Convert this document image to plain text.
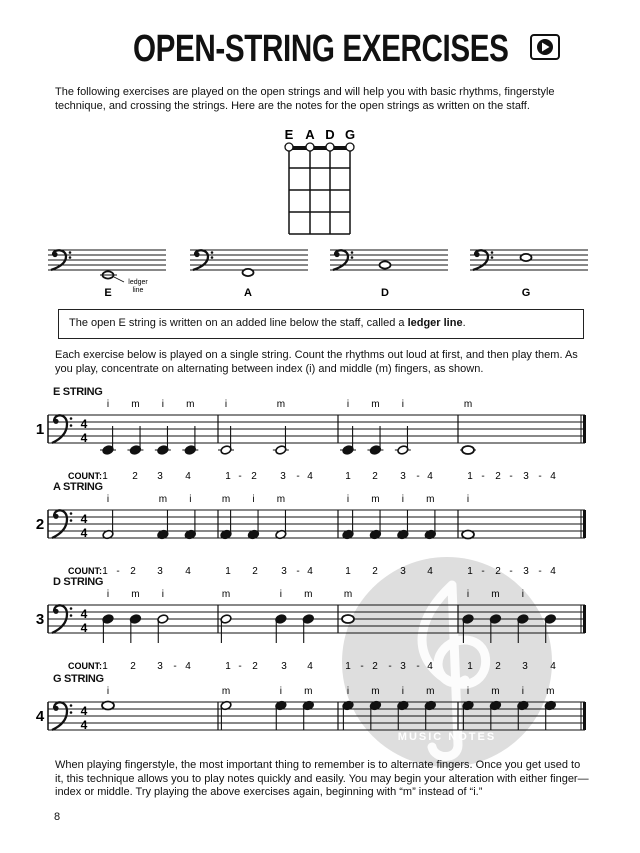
OPEN-STRING EXERCISES

The following exercises are played on the open strings and will help you with basic rhythms, fingerstyle technique, and crossing the strings. Here are the notes for the open strings as written on the staff.

E A D G
E	A	D	G
ledger
line
The open E string is written on an added line below the staff, called a ledger line.

Each exercise below is played on a single string. Count the rhythms out loud at first, and then play them. As you play, concentrate on alternating between index (i) and middle (m) fingers, as shown.

E STRING
A STRING
D STRING
G STRING
MUSIC NOTES
1	4
4
i m i m	i	m	i m i	m
COUNT: 1 2 3 4	1 - 2 3 - 4	1 2 3 - 4	1 - 2 - 3 - 4
2	4
4
i	m i	m i m	i m i m	i
COUNT: 1 - 2 3 4	1 2 3 - 4	1 2 3 4	1 - 2 - 3 - 4
3	4
4
i m i	m	i m	m	i m i
COUNT: 1 2 3 - 4	1 - 2 3 4	1 - 2 - 3 - 4	1 2 3 4
4	4
4
i	m	i m	i m i m	i m i m

When playing fingerstyle, the most important thing to remember is to alternate fingers. Once you get used to it, this technique allows you to play notes quickly and easily. You may begin your alteration with either finger—index or middle. Try playing the above exercises again, beginning with “m” instead of “i.”

8
